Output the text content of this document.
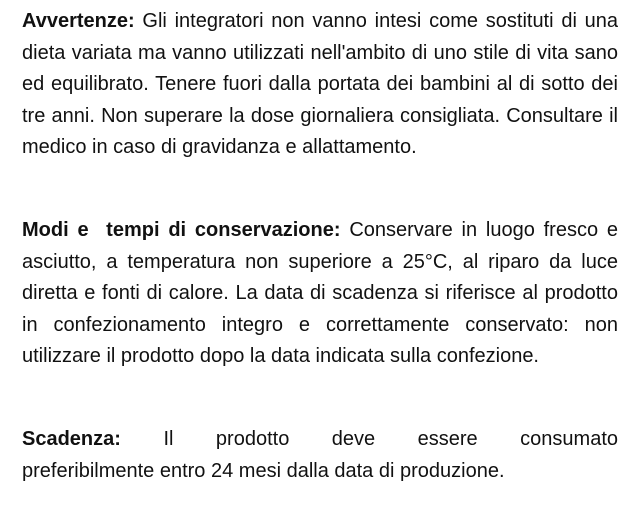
Avvertenze: Gli integratori non vanno intesi come sostituti di una dieta variata ma vanno utilizzati nell'ambito di uno stile di vita sano ed equilibrato. Tenere fuori dalla portata dei bambini al di sotto dei tre anni. Non superare la dose giornaliera consigliata. Consultare il medico in caso di gravidanza e allattamento.

Modi e  tempi di conservazione: Conservare in luogo fresco e asciutto, a temperatura non superiore a 25°C, al riparo da luce diretta e fonti di calore. La data di scadenza si riferisce al prodotto in confezionamento integro e correttamente conservato: non utilizzare il prodotto dopo la data indicata sulla confezione.

Scadenza: Il prodotto deve essere consumato
preferibilmente entro 24 mesi dalla data di produzione.
